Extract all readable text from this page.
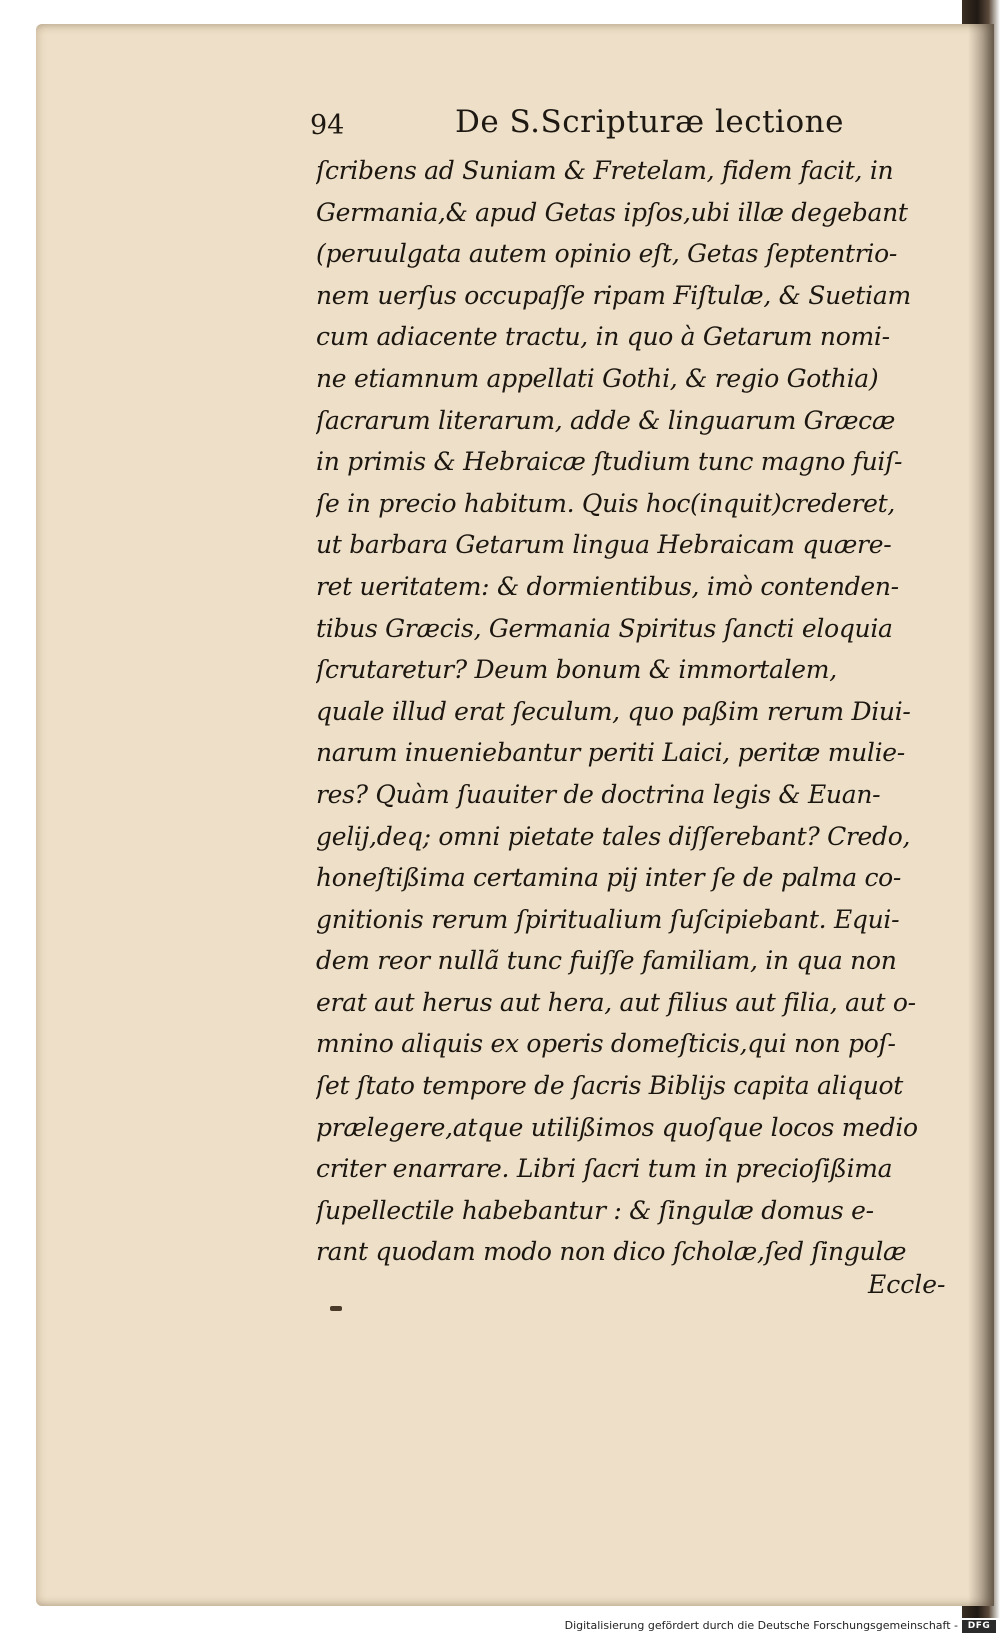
94	De S.Scripturæ lectione
ſcribens ad Suniam & Fretelam, fidem facit, in
Germania,& apud Getas ipſos,ubi illæ degebant
(peruulgata autem opinio eſt, Getas ſeptentrio-
nem uerſus occupaſſe ripam Fiſtulæ, & Suetiam
cum adiacente tractu, in quo à Getarum nomi-
ne etiamnum appellati Gothi, & regio Gothia)
ſacrarum literarum, adde & linguarum Græcæ
in primis & Hebraicæ ſtudium tunc magno fuiſ-
ſe in precio habitum. Quis hoc(inquit)crederet,
ut barbara Getarum lingua Hebraicam quære-
ret ueritatem: & dormientibus, imò contenden-
tibus Græcis, Germania Spiritus ſancti eloquia
ſcrutaretur? Deum bonum & immortalem,
quale illud erat ſeculum, quo paßim rerum Diui-
narum inueniebantur periti Laici, peritæ mulie-
res? Quàm ſuauiter de doctrina legis & Euan-
gelij,deq; omni pietate tales diſſerebant? Credo,
honeſtißima certamina pij inter ſe de palma co-
gnitionis rerum ſpiritualium ſuſcipiebant. Equi-
dem reor nullã tunc fuiſſe familiam, in qua non
erat aut herus aut hera, aut filius aut filia, aut o-
mnino aliquis ex operis domeſticis,qui non poſ-
ſet ſtato tempore de ſacris Biblijs capita aliquot
prælegere,atque utilißimos quoſque locos medio
criter enarrare. Libri ſacri tum in precioſißima
ſupellectile habebantur : & ſingulæ domus e-
rant quodam modo non dico ſcholæ,ſed ſingulæ
Eccle-
Digitalisierung gefördert durch die Deutsche Forschungsgemeinschaft -	DFG
